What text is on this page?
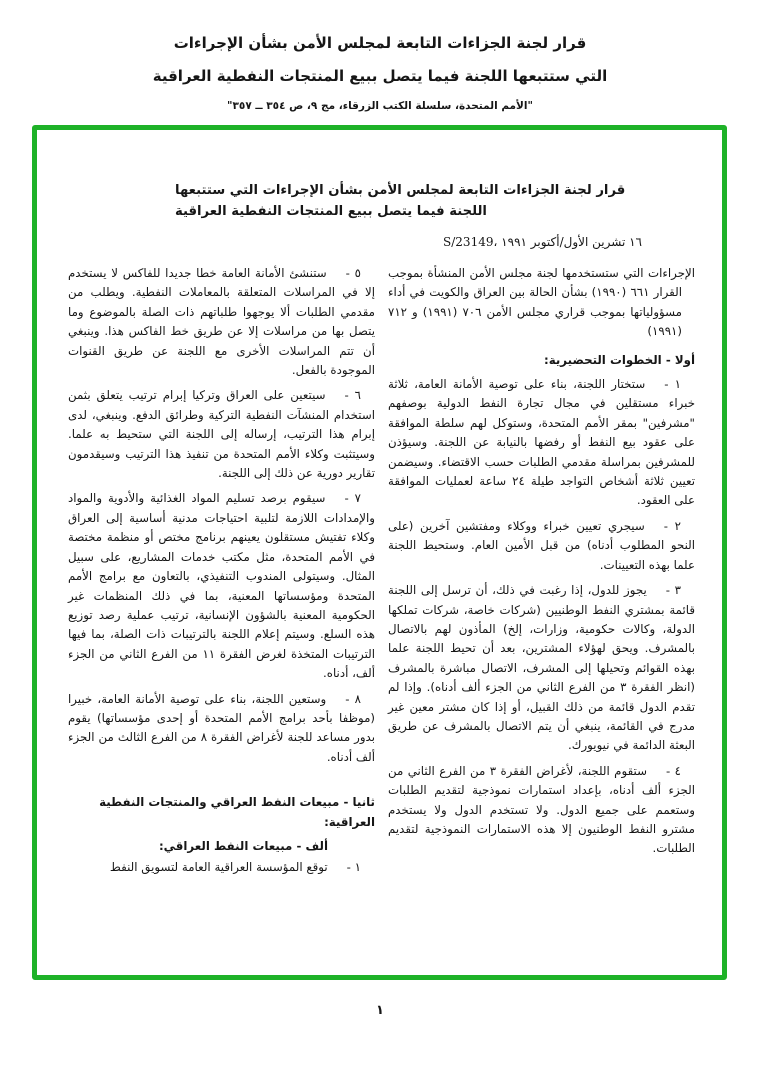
قرار لجنة الجزاءات التابعة لمجلس الأمن بشأن الإجراءات
التي ستتبعها اللجنة فيما يتصل ببيع المنتجات النفطية العراقية
"الأمم المتحدة، سلسلة الكتب الزرقاء، مج ٩، ص ٣٥٤ ــ ٣٥٧"
قرار لجنة الجزاءات التابعة لمجلس الأمن بشأن الإجراءات التي ستتبعها
اللجنة فيما يتصل ببيع المنتجات النفطية العراقية
S/23149، ١٦ تشرين الأول/أكتوبر ١٩٩١

الإجراءات التي ستستخدمها لجنة مجلس الأمن المنشأة بموجب القرار ٦٦١ (١٩٩٠) بشأن الحالة بين العراق والكويت في أداء مسؤولياتها بموجب قراري مجلس الأمن ٧٠٦ (١٩٩١) و ٧١٢ (١٩٩١)

أولا - الخطوات التحضيرية:

١ -ستختار اللجنة، بناء على توصية الأمانة العامة، ثلاثة خبراء مستقلين في مجال تجارة النفط الدولية بوصفهم "مشرفين" بمقر الأمم المتحدة، وستوكل لهم سلطة الموافقة على عقود بيع النفط أو رفضها بالنيابة عن اللجنة. وسيؤذن للمشرفين بمراسلة مقدمي الطلبات حسب الاقتضاء. وسيضمن تعيين ثلاثة أشخاص التواجد طيلة ٢٤ ساعة لعمليات الموافقة على العقود.

٢ -سيجري تعيين خبراء ووكلاء ومفتشين آخرين (على النحو المطلوب أدناه) من قبل الأمين العام. وستحيط اللجنة علما بهذه التعيينات.

٣ -يجوز للدول، إذا رغبت في ذلك، أن ترسل إلى اللجنة قائمة بمشتري النفط الوطنيين (شركات خاصة، شركات تملكها الدولة، وكالات حكومية، وزارات، إلخ) المأذون لهم بالاتصال بالمشرف. ويحق لهؤلاء المشترين، بعد أن تحيط اللجنة علما بهذه القوائم وتحيلها إلى المشرف، الاتصال مباشرة بالمشرف (انظر الفقرة ٣ من الفرع الثاني من الجزء ألف أدناه). وإذا لم تقدم الدول قائمة من ذلك القبيل، أو إذا كان مشتر معين غير مدرج في القائمة، ينبغي أن يتم الاتصال بالمشرف عن طريق البعثة الدائمة في نيويورك.

٤ -ستقوم اللجنة، لأغراض الفقرة ٣ من الفرع الثاني من الجزء ألف أدناه، بإعداد استمارات نموذجية لتقديم الطلبات وستعمم على جميع الدول. ولا تستخدم الدول ولا يستخدم مشترو النفط الوطنيون إلا هذه الاستمارات النموذجية لتقديم الطلبات.

٥ -ستنشئ الأمانة العامة خطا جديدا للفاكس لا يستخدم إلا في المراسلات المتعلقة بالمعاملات النفطية. ويطلب من مقدمي الطلبات ألا يوجهوا طلباتهم ذات الصلة بالموضوع وما يتصل بها من مراسلات إلا عن طريق خط الفاكس هذا. وينبغي أن تتم المراسلات الأخرى مع اللجنة عن طريق القنوات الموجودة بالفعل.

٦ -سيتعين على العراق وتركيا إبرام ترتيب يتعلق بثمن استخدام المنشآت النفطية التركية وطرائق الدفع. وينبغي، لدى إبرام هذا الترتيب، إرساله إلى اللجنة التي ستحيط به علما. وسيتثبت وكلاء الأمم المتحدة من تنفيذ هذا الترتيب وسيقدمون تقارير دورية عن ذلك إلى اللجنة.

٧ -سيقوم برصد تسليم المواد الغذائية والأدوية والمواد والإمدادات اللازمة لتلبية احتياجات مدنية أساسية إلى العراق وكلاء تفتيش مستقلون يعينهم برنامج مختص أو منظمة مختصة في الأمم المتحدة، مثل مكتب خدمات المشاريع، على سبيل المثال. وسيتولى المندوب التنفيذي، بالتعاون مع برامج الأمم المتحدة ومؤسساتها المعنية، بما في ذلك المنظمات غير الحكومية المعنية بالشؤون الإنسانية، ترتيب عملية رصد توزيع هذه السلع. وسيتم إعلام اللجنة بالترتيبات ذات الصلة، بما فيها الترتيبات المتخذة لغرض الفقرة ١١ من الفرع الثاني من الجزء ألف، أدناه.

٨ -وستعين اللجنة، بناء على توصية الأمانة العامة، خبيرا (موظفا بأحد برامج الأمم المتحدة أو إحدى مؤسساتها) يقوم بدور مساعد للجنة لأغراض الفقرة ٨ من الفرع الثالث من الجزء ألف أدناه.

ثانيا - مبيعات النفط العراقي والمنتجات النفطية العراقية:

ألف - مبيعات النفط العراقي:

١ -توقع المؤسسة العراقية العامة لتسويق النفط

١
